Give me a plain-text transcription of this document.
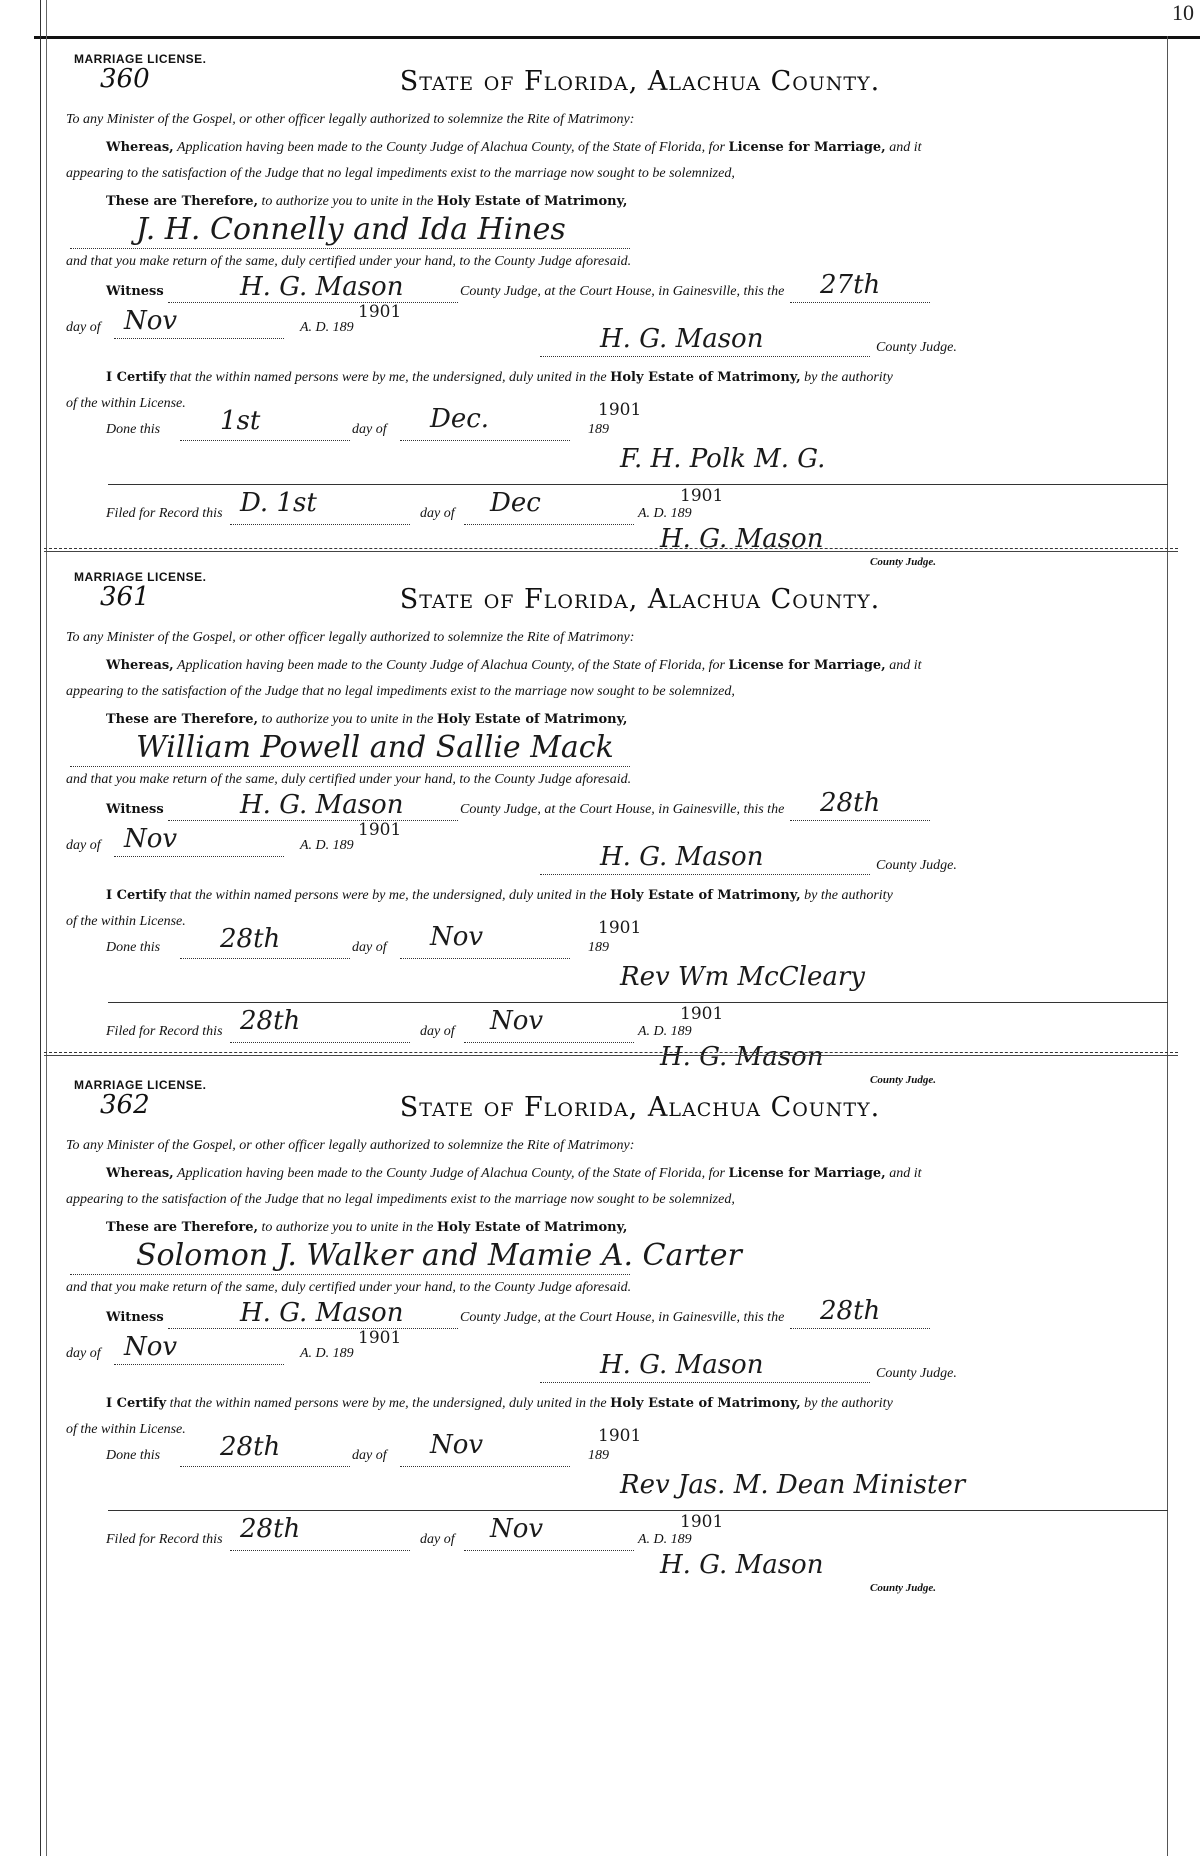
10
MARRIAGE LICENSE.
360	State of Florida, Alachua County.
To any Minister of the Gospel, or other officer legally authorized to solemnize the Rite of Matrimony:
Whereas, Application having been made to the County Judge of Alachua County, of the State of Florida, for License for Marriage, and it
appearing to the satisfaction of the Judge that no legal impediments exist to the marriage now sought to be solemnized,
These are Therefore, to authorize you to unite in the Holy Estate of Matrimony,
J. H. Connelly and Ida Hines
and that you make return of the same, duly certified under your hand, to the County Judge aforesaid.
Witness	H. G. Mason	County Judge, at the Court House, in Gainesville, this the 27th
day of Nov	A. D. 189
1901
H. G. Mason	County Judge.
I Certify that the within named persons were by me, the undersigned, duly united in the Holy Estate of Matrimony, by the authority
of the within License.
Done this 1st	day of Dec.	189
1901
F. H. Polk M. G.
Filed for Record this D. 1st	day of Dec	A. D. 189
1901
H. G. Mason
County Judge.
MARRIAGE LICENSE.
361	State of Florida, Alachua County.
To any Minister of the Gospel, or other officer legally authorized to solemnize the Rite of Matrimony:
Whereas, Application having been made to the County Judge of Alachua County, of the State of Florida, for License for Marriage, and it
appearing to the satisfaction of the Judge that no legal impediments exist to the marriage now sought to be solemnized,
These are Therefore, to authorize you to unite in the Holy Estate of Matrimony,
William Powell and Sallie Mack
and that you make return of the same, duly certified under your hand, to the County Judge aforesaid.
Witness	H. G. Mason	County Judge, at the Court House, in Gainesville, this the 28th
day of Nov	A. D. 189
1901
H. G. Mason	County Judge.
I Certify that the within named persons were by me, the undersigned, duly united in the Holy Estate of Matrimony, by the authority
of the within License.
Done this 28th	day of Nov	189
1901
Rev Wm McCleary
Filed for Record this 28th	day of Nov	A. D. 189
1901
H. G. Mason
County Judge.
MARRIAGE LICENSE.
362	State of Florida, Alachua County.
To any Minister of the Gospel, or other officer legally authorized to solemnize the Rite of Matrimony:
Whereas, Application having been made to the County Judge of Alachua County, of the State of Florida, for License for Marriage, and it
appearing to the satisfaction of the Judge that no legal impediments exist to the marriage now sought to be solemnized,
These are Therefore, to authorize you to unite in the Holy Estate of Matrimony,
Solomon J. Walker and Mamie A. Carter
and that you make return of the same, duly certified under your hand, to the County Judge aforesaid.
Witness	H. G. Mason	County Judge, at the Court House, in Gainesville, this the 28th
day of Nov	A. D. 189
1901
H. G. Mason	County Judge.
I Certify that the within named persons were by me, the undersigned, duly united in the Holy Estate of Matrimony, by the authority
of the within License.
Done this 28th	day of Nov	189
1901
Rev Jas. M. Dean Minister
Filed for Record this 28th	day of Nov	A. D. 189
1901
H. G. Mason
County Judge.
